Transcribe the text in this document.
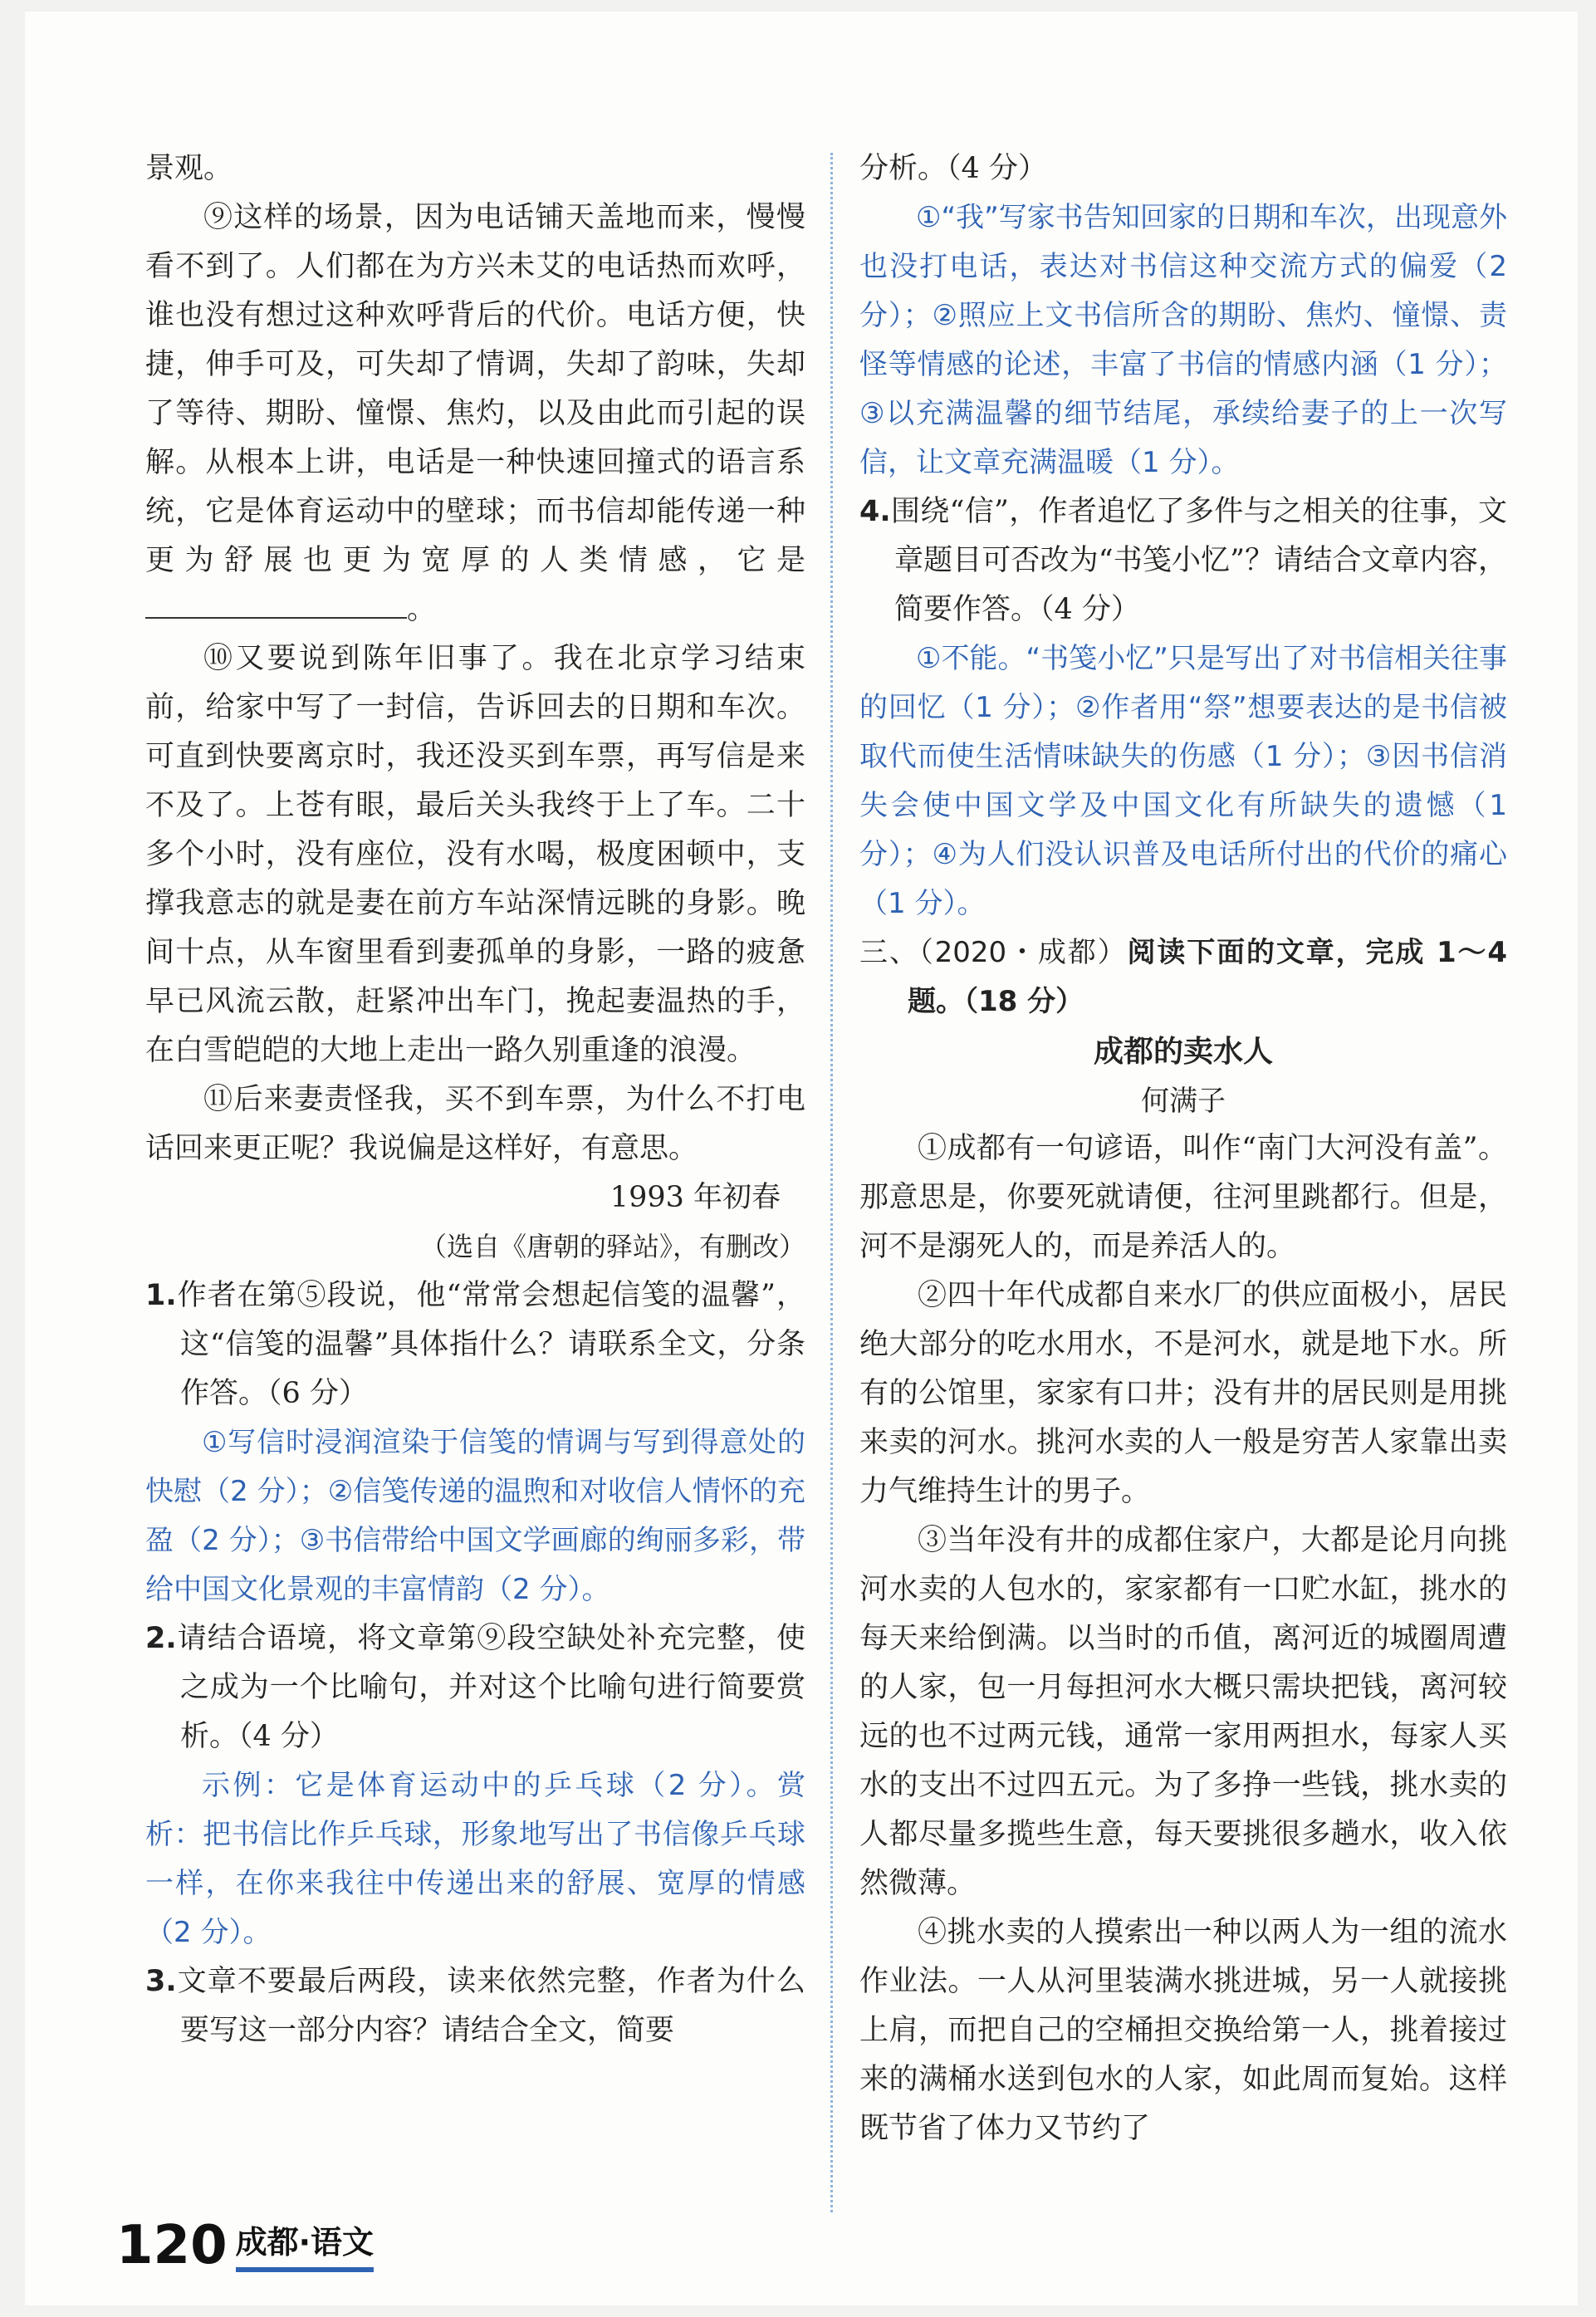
景观。

⑨这样的场景，因为电话铺天盖地而来，慢慢看不到了。人们都在为方兴未艾的电话热而欢呼，谁也没有想过这种欢呼背后的代价。电话方便，快捷，伸手可及，可失却了情调，失却了韵味，失却了等待、期盼、憧憬、焦灼，以及由此而引起的误解。从根本上讲，电话是一种快速回撞式的语言系统，它是体育运动中的壁球；而书信却能传递一种更为舒展也更为宽厚的人类情感，它是。

⑩又要说到陈年旧事了。我在北京学习结束前，给家中写了一封信，告诉回去的日期和车次。可直到快要离京时，我还没买到车票，再写信是来不及了。上苍有眼，最后关头我终于上了车。二十多个小时，没有座位，没有水喝，极度困顿中，支撑我意志的就是妻在前方车站深情远眺的身影。晚间十点，从车窗里看到妻孤单的身影，一路的疲惫早已风流云散，赶紧冲出车门，挽起妻温热的手，在白雪皑皑的大地上走出一路久别重逢的浪漫。

⑪后来妻责怪我，买不到车票，为什么不打电话回来更正呢？我说偏是这样好，有意思。

1993 年初春

（选自《唐朝的驿站》，有删改）

1.作者在第⑤段说，他“常常会想起信笺的温馨”，这“信笺的温馨”具体指什么？请联系全文，分条作答。（6 分）

①写信时浸润渲染于信笺的情调与写到得意处的快慰（2 分）；②信笺传递的温煦和对收信人情怀的充盈（2 分）；③书信带给中国文学画廊的绚丽多彩，带给中国文化景观的丰富情韵（2 分）。

2.请结合语境，将文章第⑨段空缺处补充完整，使之成为一个比喻句，并对这个比喻句进行简要赏析。（4 分）

示例：它是体育运动中的乒乓球（2 分）。赏析：把书信比作乒乓球，形象地写出了书信像乒乓球一样，在你来我往中传递出来的舒展、宽厚的情感（2 分）。

3.文章不要最后两段，读来依然完整，作者为什么要写这一部分内容？请结合全文，简要

分析。（4 分）

①“我”写家书告知回家的日期和车次，出现意外也没打电话，表达对书信这种交流方式的偏爱（2 分）；②照应上文书信所含的期盼、焦灼、憧憬、责怪等情感的论述，丰富了书信的情感内涵（1 分）；③以充满温馨的细节结尾，承续给妻子的上一次写信，让文章充满温暖（1 分）。

4.围绕“信”，作者追忆了多件与之相关的往事，文章题目可否改为“书笺小忆”？请结合文章内容，简要作答。（4 分）

①不能。“书笺小忆”只是写出了对书信相关往事的回忆（1 分）；②作者用“祭”想要表达的是书信被取代而使生活情味缺失的伤感（1 分）；③因书信消失会使中国文学及中国文化有所缺失的遗憾（1 分）；④为人们没认识普及电话所付出的代价的痛心（1 分）。

三、（2020・成都）阅读下面的文章，完成 1～4 题。（18 分）

成都的卖水人

何满子

①成都有一句谚语，叫作“南门大河没有盖”。那意思是，你要死就请便，往河里跳都行。但是，河不是溺死人的，而是养活人的。

②四十年代成都自来水厂的供应面极小，居民绝大部分的吃水用水，不是河水，就是地下水。所有的公馆里，家家有口井；没有井的居民则是用挑来卖的河水。挑河水卖的人一般是穷苦人家靠出卖力气维持生计的男子。

③当年没有井的成都住家户，大都是论月向挑河水卖的人包水的，家家都有一口贮水缸，挑水的每天来给倒满。以当时的币值，离河近的城圈周遭的人家，包一月每担河水大概只需块把钱，离河较远的也不过两元钱，通常一家用两担水，每家人买水的支出不过四五元。为了多挣一些钱，挑水卖的人都尽量多揽些生意，每天要挑很多趟水，收入依然微薄。

④挑水卖的人摸索出一种以两人为一组的流水作业法。一人从河里装满水挑进城，另一人就接挑上肩，而把自己的空桶担交换给第一人，挑着接过来的满桶水送到包水的人家，如此周而复始。这样既节省了体力又节约了

120 成都·语文
